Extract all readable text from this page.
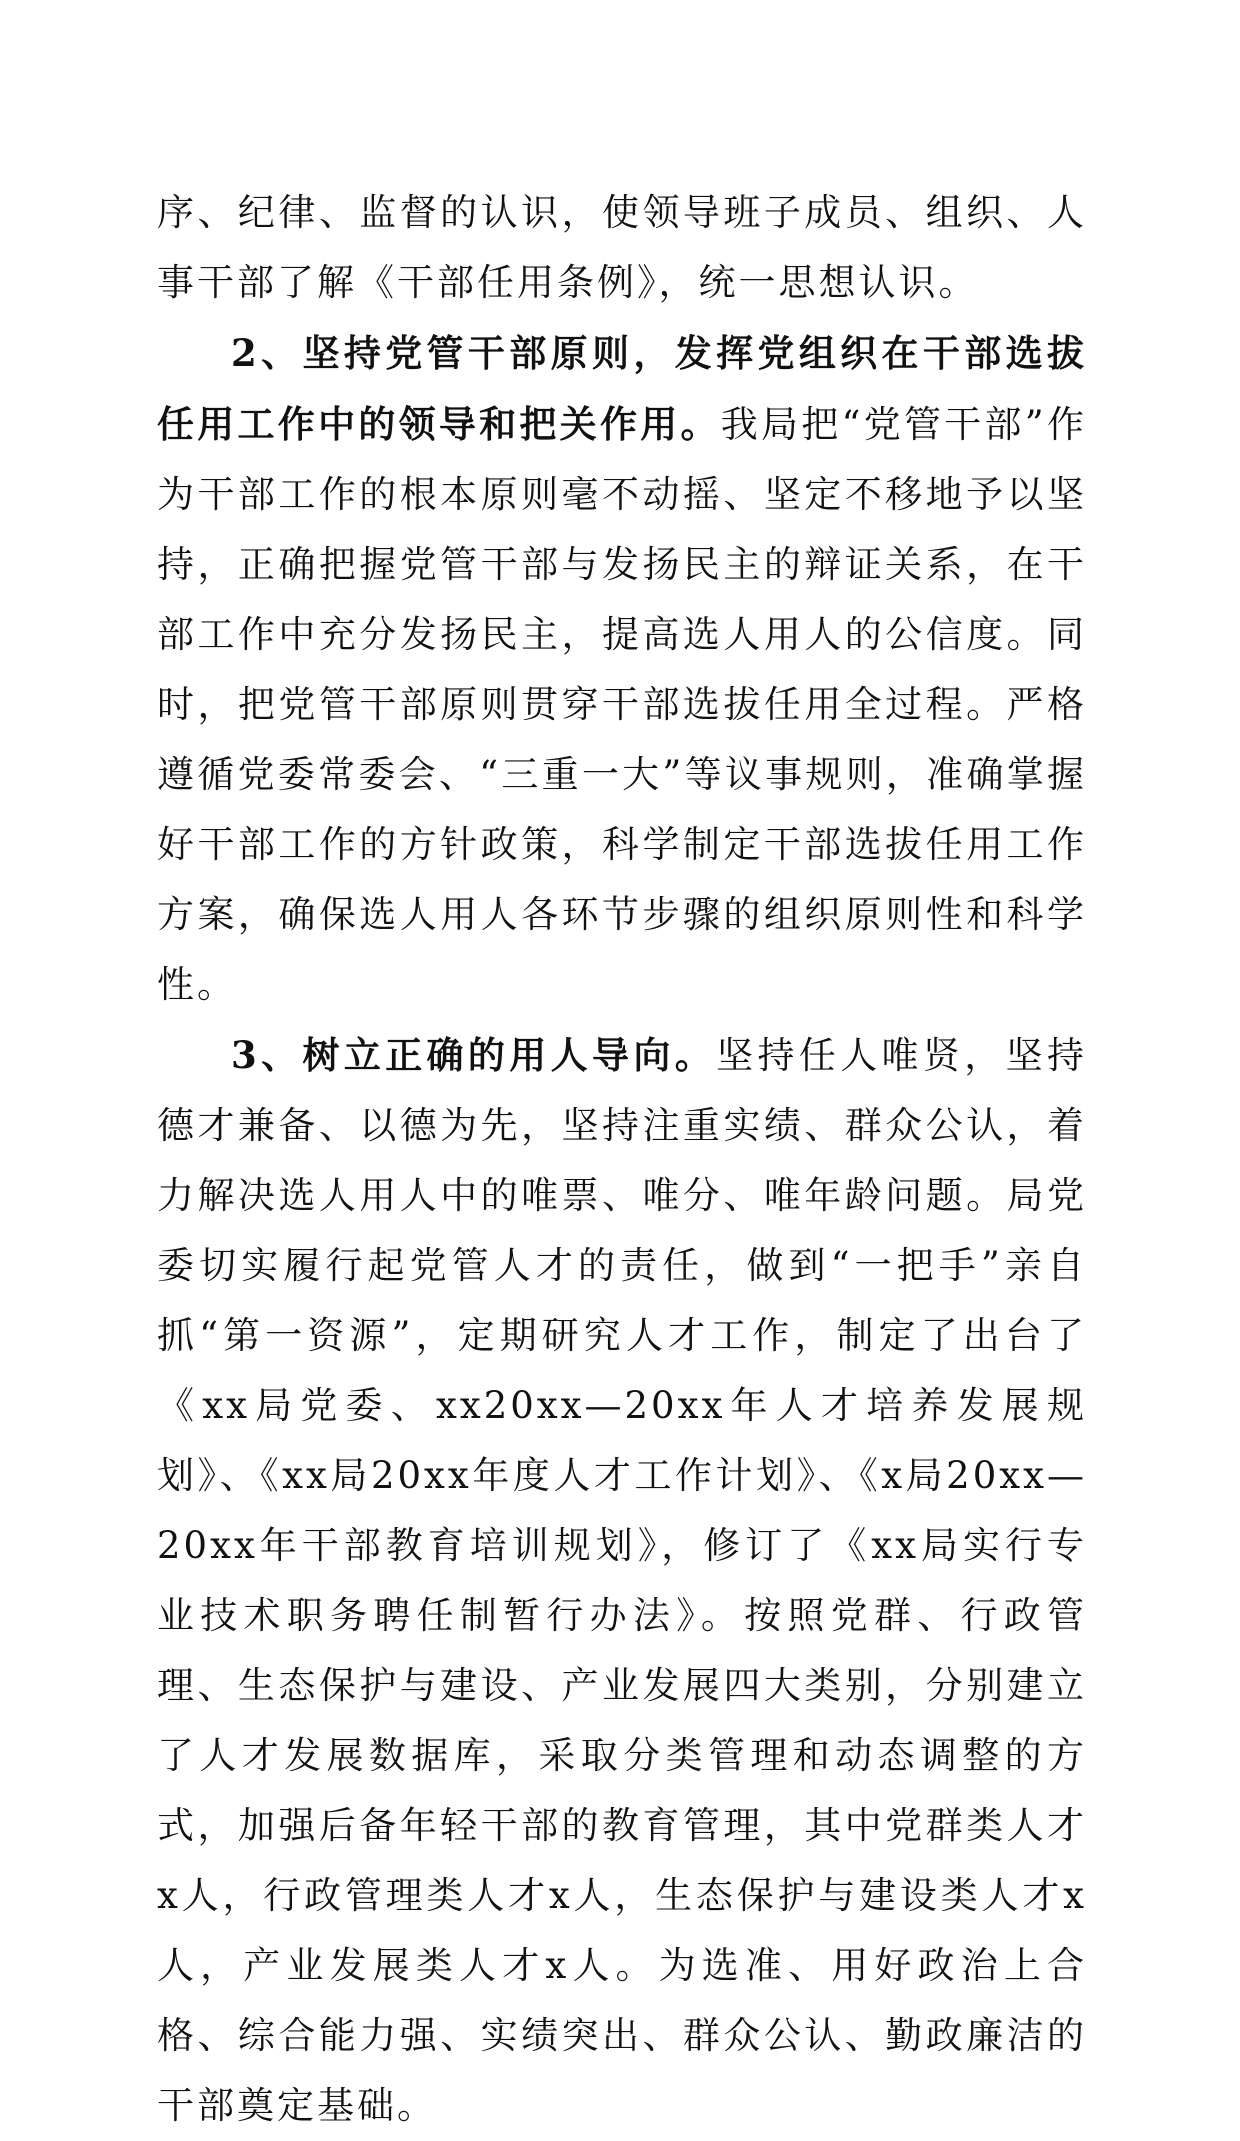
序、纪律、监督的认识，使领导班子成员、组织、人事干部了解《干部任用条例》，统一思想认识。

2、坚持党管干部原则，发挥党组织在干部选拔任用工作中的领导和把关作用。我局把“党管干部”作为干部工作的根本原则毫不动摇、坚定不移地予以坚持，正确把握党管干部与发扬民主的辩证关系，在干部工作中充分发扬民主，提高选人用人的公信度。同时，把党管干部原则贯穿干部选拔任用全过程。严格遵循党委常委会、“三重一大”等议事规则，准确掌握好干部工作的方针政策，科学制定干部选拔任用工作方案，确保选人用人各环节步骤的组织原则性和科学性。

3、树立正确的用人导向。坚持任人唯贤，坚持德才兼备、以德为先，坚持注重实绩、群众公认，着力解决选人用人中的唯票、唯分、唯年龄问题。局党委切实履行起党管人才的责任，做到“一把手”亲自抓“第一资源”，定期研究人才工作，制定了出台了《xx局党委、xx20xx—20xx年人才培养发展规划》、《xx局20xx年度人才工作计划》、《x局20xx—20xx年干部教育培训规划》，修订了《xx局实行专业技术职务聘任制暂行办法》。按照党群、行政管理、生态保护与建设、产业发展四大类别，分别建立了人才发展数据库，采取分类管理和动态调整的方式，加强后备年轻干部的教育管理，其中党群类人才x人，行政管理类人才x人，生态保护与建设类人才x人，产业发展类人才x人。为选准、用好政治上合格、综合能力强、实绩突出、群众公认、勤政廉洁的干部奠定基础。
